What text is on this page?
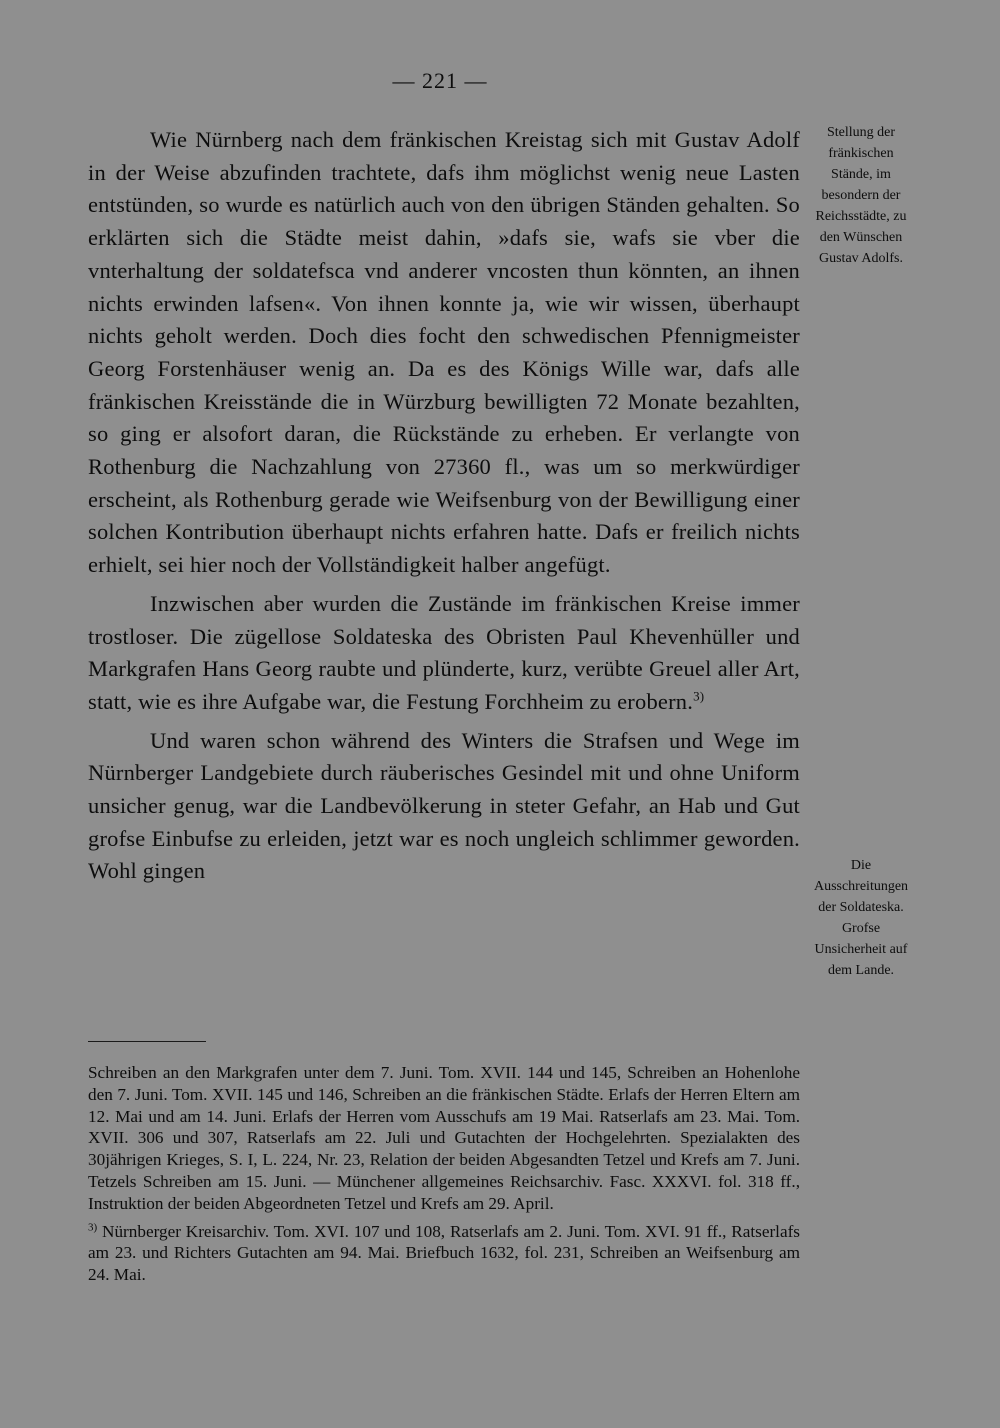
— 221 —

Wie Nürnberg nach dem fränkischen Kreistag sich mit Gustav Adolf in der Weise abzufinden trachtete, dafs ihm möglichst wenig neue Lasten entstünden, so wurde es natürlich auch von den übrigen Ständen gehalten. So erklärten sich die Städte meist dahin, »dafs sie, wafs sie vber die vnterhaltung der soldatefsca vnd anderer vncosten thun könnten, an ihnen nichts erwinden lafsen«. Von ihnen konnte ja, wie wir wissen, überhaupt nichts geholt werden. Doch dies focht den schwedischen Pfennigmeister Georg Forstenhäuser wenig an. Da es des Königs Wille war, dafs alle fränkischen Kreisstände die in Würzburg bewilligten 72 Monate bezahlten, so ging er alsofort daran, die Rückstände zu erheben. Er verlangte von Rothenburg die Nachzahlung von 27360 fl., was um so merkwürdiger erscheint, als Rothenburg gerade wie Weifsenburg von der Bewilligung einer solchen Kontribution überhaupt nichts erfahren hatte. Dafs er freilich nichts erhielt, sei hier noch der Vollständigkeit halber angefügt.

Inzwischen aber wurden die Zustände im fränkischen Kreise immer trostloser. Die zügellose Soldateska des Obristen Paul Khevenhüller und Markgrafen Hans Georg raubte und plünderte, kurz, verübte Greuel aller Art, statt, wie es ihre Aufgabe war, die Festung Forchheim zu erobern.$^{3)}$

Und waren schon während des Winters die Strafsen und Wege im Nürnberger Landgebiete durch räuberisches Gesindel mit und ohne Uniform unsicher genug, war die Landbevölkerung in steter Gefahr, an Hab und Gut grofse Einbufse zu erleiden, jetzt war es noch ungleich schlimmer geworden. Wohl gingen

Stellung der fränkischen Stände, im besondern der Reichsstädte, zu den Wünschen Gustav Adolfs.
Die Ausschreitungen der Soldateska. Grofse Unsicherheit auf dem Lande.

Schreiben an den Markgrafen unter dem 7. Juni. Tom. XVII. 144 und 145, Schreiben an Hohenlohe den 7. Juni. Tom. XVII. 145 und 146, Schreiben an die fränkischen Städte. Erlafs der Herren Eltern am 12. Mai und am 14. Juni. Erlafs der Herren vom Ausschufs am 19 Mai. Ratserlafs am 23. Mai. Tom. XVII. 306 und 307, Ratserlafs am 22. Juli und Gutachten der Hochgelehrten. Spezialakten des 30jährigen Krieges, S. I, L. 224, Nr. 23, Relation der beiden Abgesandten Tetzel und Krefs am 7. Juni. Tetzels Schreiben am 15. Juni. — Münchener allgemeines Reichsarchiv. Fasc. XXXVI. fol. 318 ff., Instruktion der beiden Abgeordneten Tetzel und Krefs am 29. April.

$^{3)}$ Nürnberger Kreisarchiv. Tom. XVI. 107 und 108, Ratserlafs am 2. Juni. Tom. XVI. 91 ff., Ratserlafs am 23. und Richters Gutachten am 94. Mai. Briefbuch 1632, fol. 231, Schreiben an Weifsenburg am 24. Mai.
